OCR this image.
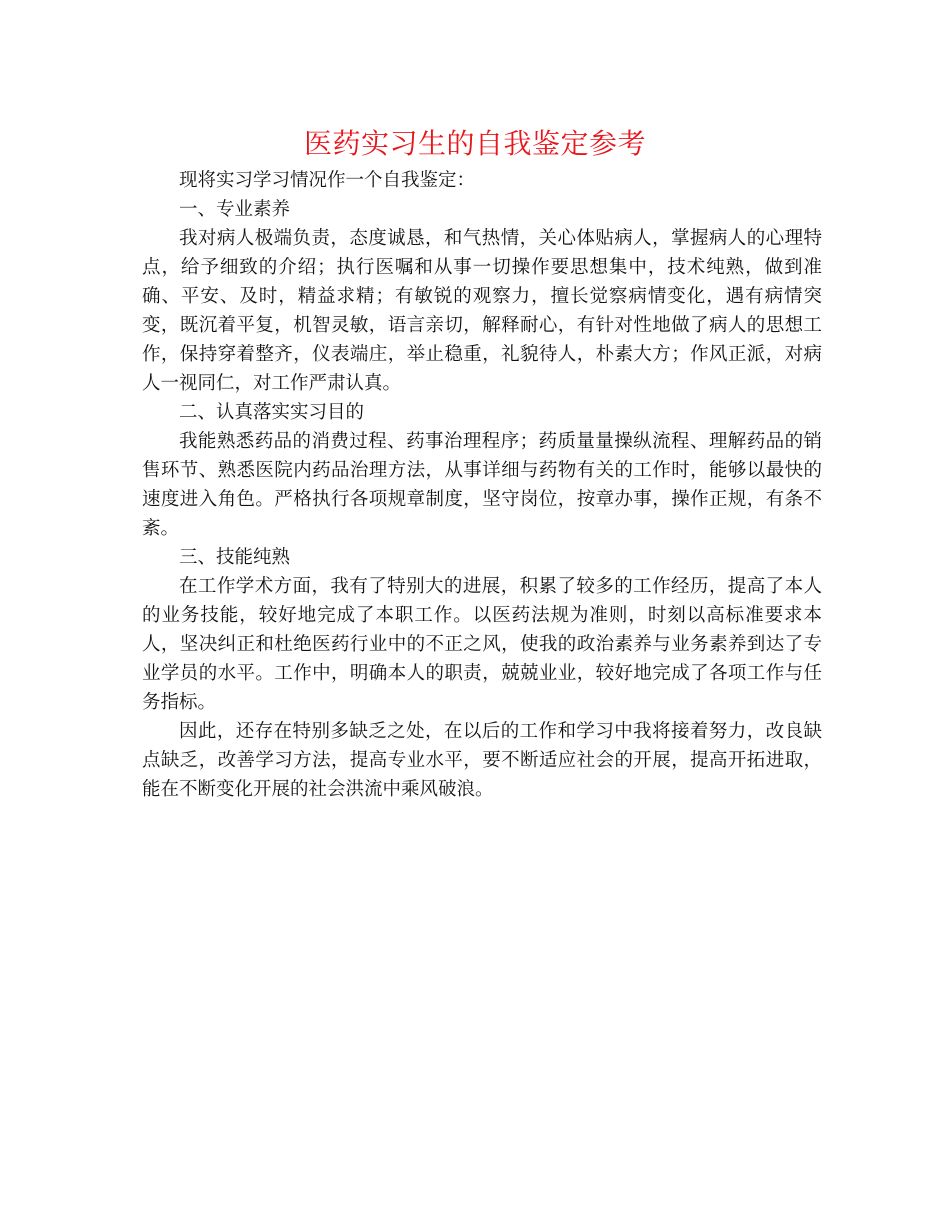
医药实习生的自我鉴定参考

现将实习学习情况作一个自我鉴定：

一、专业素养

我对病人极端负责，态度诚恳，和气热情，关心体贴病人，掌握病人的心理特点，给予细致的介绍；执行医嘱和从事一切操作要思想集中，技术纯熟，做到准确、平安、及时，精益求精；有敏锐的观察力，擅长觉察病情变化，遇有病情突变，既沉着平复，机智灵敏，语言亲切，解释耐心，有针对性地做了病人的思想工作，保持穿着整齐，仪表端庄，举止稳重，礼貌待人，朴素大方；作风正派，对病人一视同仁，对工作严肃认真。

二、认真落实实习目的

我能熟悉药品的消费过程、药事治理程序；药质量量操纵流程、理解药品的销售环节、熟悉医院内药品治理方法，从事详细与药物有关的工作时，能够以最快的速度进入角色。严格执行各项规章制度，坚守岗位，按章办事，操作正规，有条不紊。

三、技能纯熟

在工作学术方面，我有了特别大的进展，积累了较多的工作经历，提高了本人的业务技能，较好地完成了本职工作。以医药法规为准则，时刻以高标准要求本人，坚决纠正和杜绝医药行业中的不正之风，使我的政治素养与业务素养到达了专业学员的水平。工作中，明确本人的职责，兢兢业业，较好地完成了各项工作与任务指标。

因此，还存在特别多缺乏之处，在以后的工作和学习中我将接着努力，改良缺点缺乏，改善学习方法，提高专业水平，要不断适应社会的开展，提高开拓进取，能在不断变化开展的社会洪流中乘风破浪。
